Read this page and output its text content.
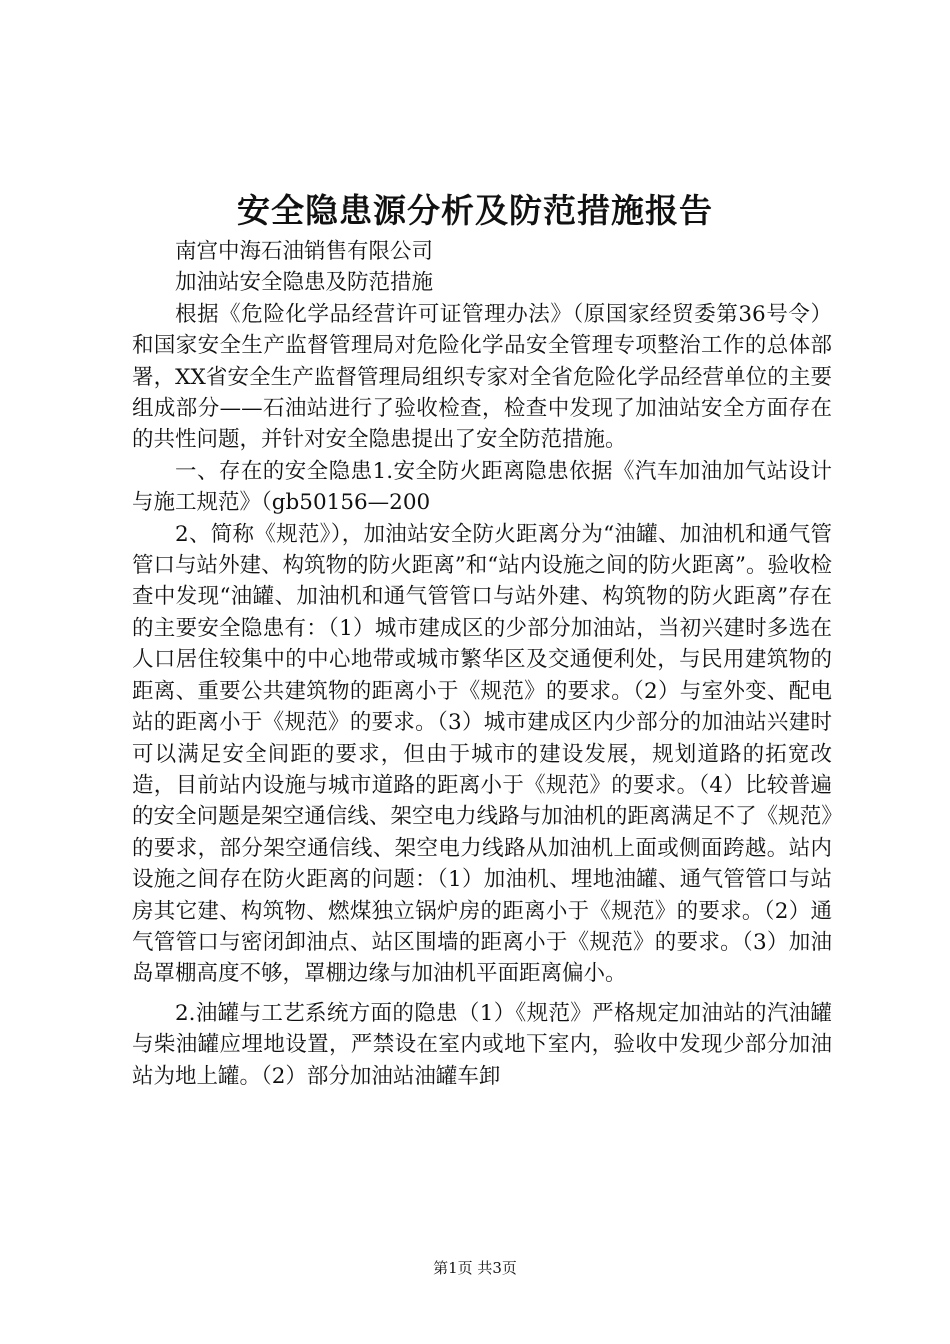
安全隐患源分析及防范措施报告

南宫中海石油销售有限公司

加油站安全隐患及防范措施

根据《危险化学品经营许可证管理办法》（原国家经贸委第36号令）和国家安全生产监督管理局对危险化学品安全管理专项整治工作的总体部署，XX省安全生产监督管理局组织专家对全省危险化学品经营单位的主要组成部分——石油站进行了验收检查，检查中发现了加油站安全方面存在的共性问题，并针对安全隐患提出了安全防范措施。

一、存在的安全隐患1.安全防火距离隐患依据《汽车加油加气站设计与施工规范》（gb50156—200

2、简称《规范》），加油站安全防火距离分为“油罐、加油机和通气管管口与站外建、构筑物的防火距离”和“站内设施之间的防火距离”。验收检查中发现“油罐、加油机和通气管管口与站外建、构筑物的防火距离”存在的主要安全隐患有：（1）城市建成区的少部分加油站，当初兴建时多选在人口居住较集中的中心地带或城市繁华区及交通便利处，与民用建筑物的距离、重要公共建筑物的距离小于《规范》的要求。（2）与室外变、配电站的距离小于《规范》的要求。（3）城市建成区内少部分的加油站兴建时可以满足安全间距的要求，但由于城市的建设发展，规划道路的拓宽改造，目前站内设施与城市道路的距离小于《规范》的要求。（4）比较普遍的安全问题是架空通信线、架空电力线路与加油机的距离满足不了《规范》的要求，部分架空通信线、架空电力线路从加油机上面或侧面跨越。站内设施之间存在防火距离的问题：（1）加油机、埋地油罐、通气管管口与站房其它建、构筑物、燃煤独立锅炉房的距离小于《规范》的要求。（2）通气管管口与密闭卸油点、站区围墙的距离小于《规范》的要求。（3）加油岛罩棚高度不够，罩棚边缘与加油机平面距离偏小。

2.油罐与工艺系统方面的隐患（1）《规范》严格规定加油站的汽油罐与柴油罐应埋地设置，严禁设在室内或地下室内，验收中发现少部分加油站为地上罐。（2）部分加油站油罐车卸

第1页 共3页
